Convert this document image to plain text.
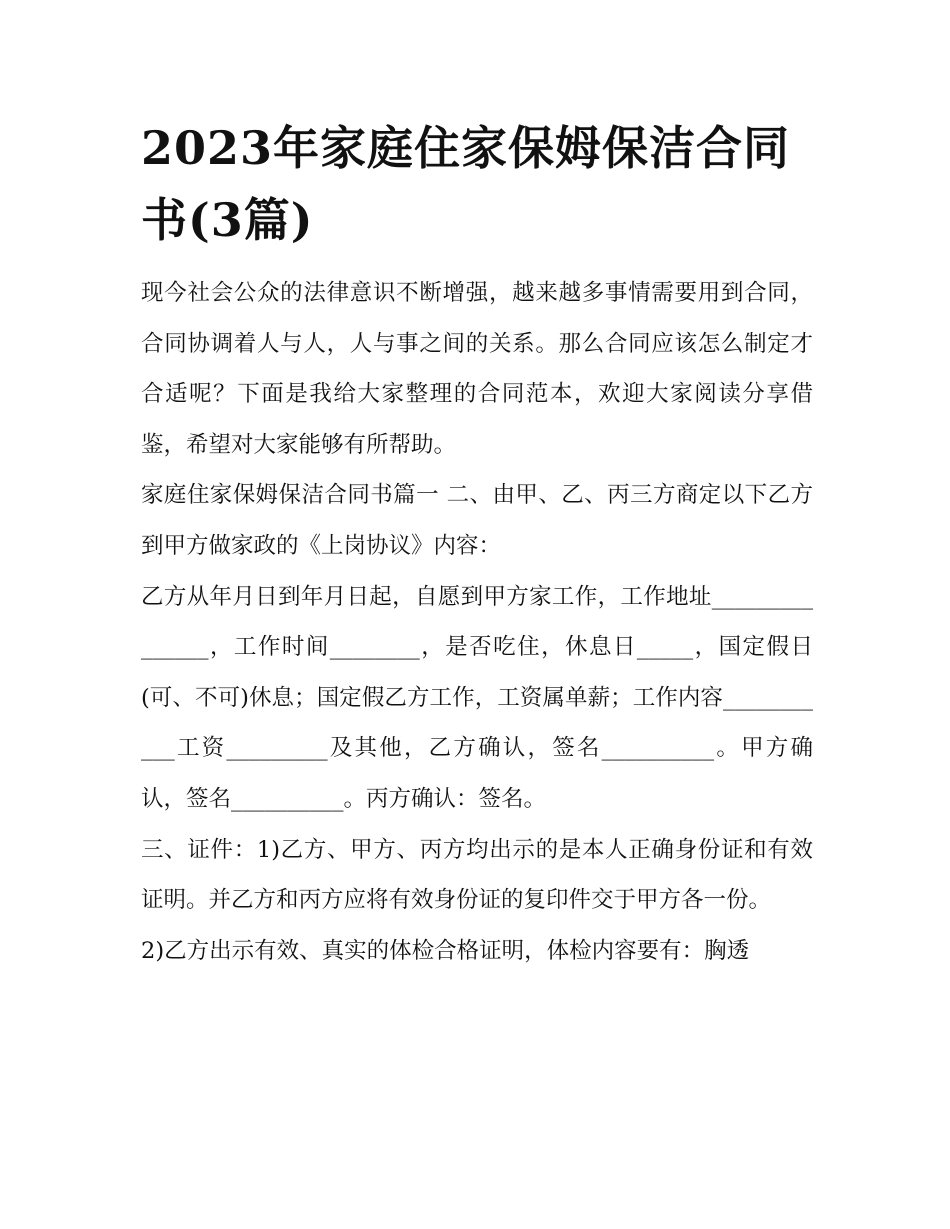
2023年家庭住家保姆保洁合同
书(3篇)

现今社会公众的法律意识不断增强，越来越多事情需要用到合同，合同协调着人与人，人与事之间的关系。那么合同应该怎么制定才合适呢？下面是我给大家整理的合同范本，欢迎大家阅读分享借鉴，希望对大家能够有所帮助。

家庭住家保姆保洁合同书篇一 二、由甲、乙、丙三方商定以下乙方到甲方做家政的《上岗协议》内容：

乙方从年月日到年月日起，自愿到甲方家工作，工作地址_______________，工作时间________，是否吃住，休息日_____，国定假日(可、不可)休息；国定假乙方工作，工资属单薪；工作内容___________工资_________及其他，乙方确认，签名__________。甲方确认，签名__________。丙方确认：签名。

三、证件：1)乙方、甲方、丙方均出示的是本人正确身份证和有效证明。并乙方和丙方应将有效身份证的复印件交于甲方各一份。

2)乙方出示有效、真实的体检合格证明，体检内容要有：胸透
